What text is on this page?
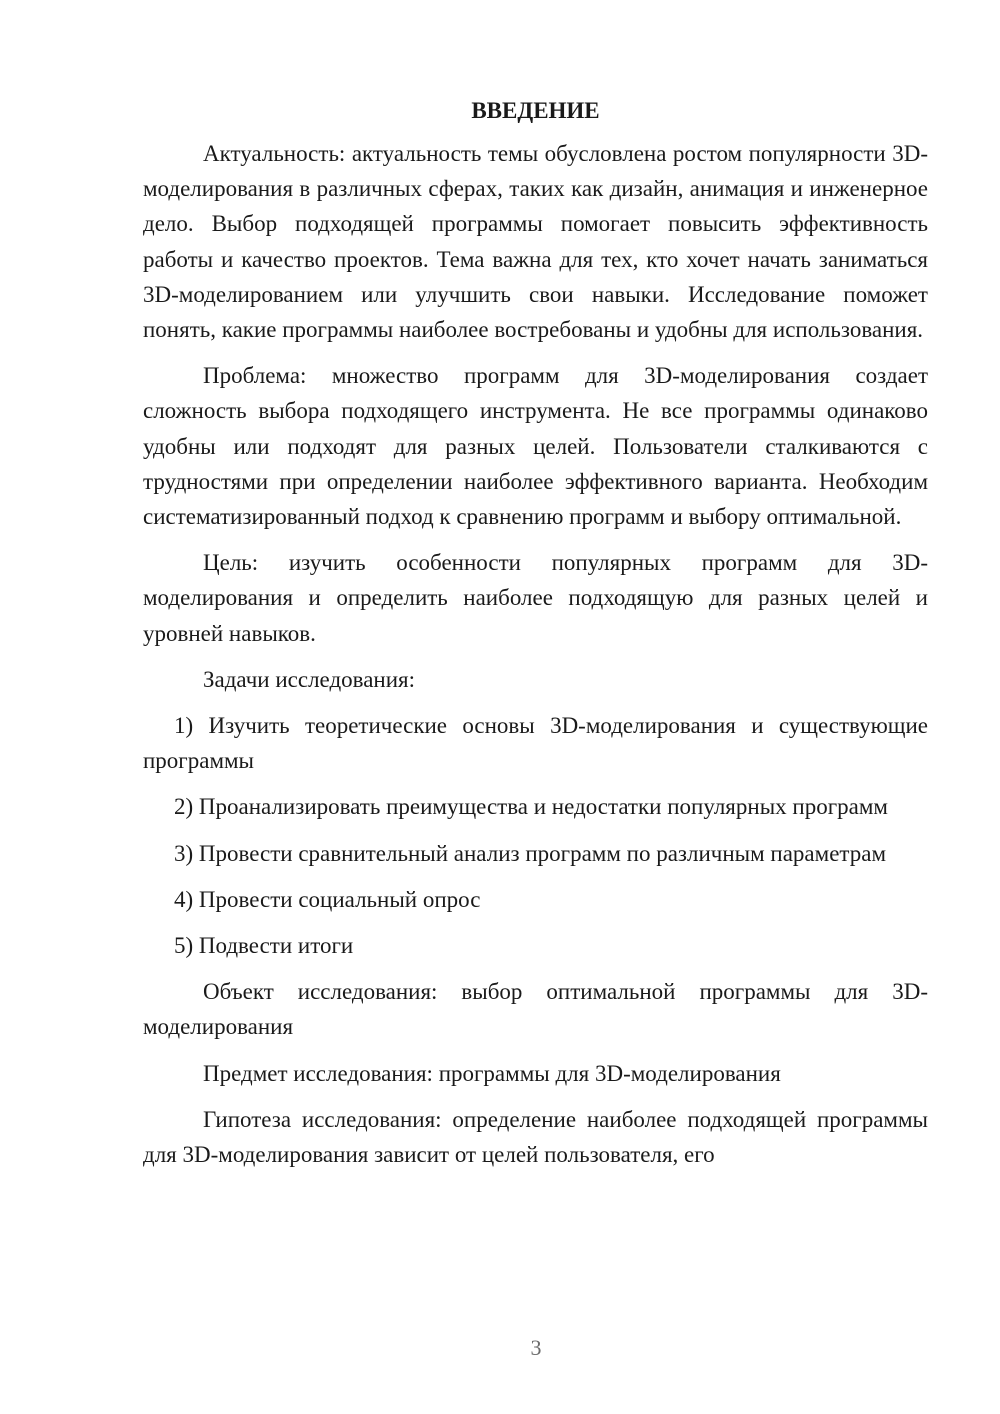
ВВЕДЕНИЕ

Актуальность: актуальность темы обусловлена ростом популярности 3D-моделирования в различных сферах, таких как дизайн, анимация и инженерное дело. Выбор подходящей программы помогает повысить эффективность работы и качество проектов. Тема важна для тех, кто хочет начать заниматься 3D-моделированием или улучшить свои навыки. Исследование поможет понять, какие программы наиболее востребованы и удобны для использования.

Проблема: множество программ для 3D-моделирования создает сложность выбора подходящего инструмента. Не все программы одинаково удобны или подходят для разных целей. Пользователи сталкиваются с трудностями при определении наиболее эффективного варианта. Необходим систематизированный подход к сравнению программ и выбору оптимальной.

Цель: изучить особенности популярных программ для 3D-моделирования и определить наиболее подходящую для разных целей и уровней навыков.

Задачи исследования:

1) Изучить теоретические основы 3D-моделирования и существующие программы

2) Проанализировать преимущества и недостатки популярных программ

3) Провести сравнительный анализ программ по различным параметрам

4) Провести социальный опрос

5) Подвести итоги

Объект исследования: выбор оптимальной программы для 3D-моделирования

Предмет исследования: программы для 3D-моделирования

Гипотеза исследования: определение наиболее подходящей программы для 3D-моделирования зависит от целей пользователя, его

3
